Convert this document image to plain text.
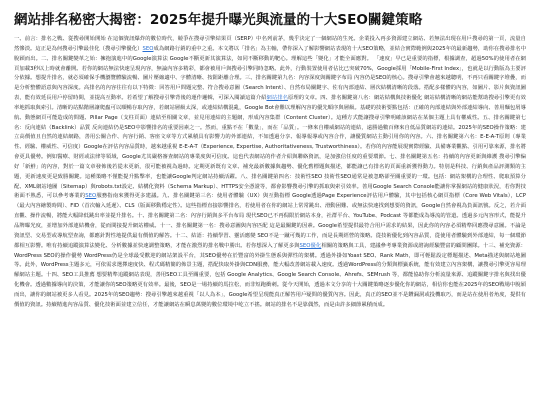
網站排名秘密大揭密：2025年提升曝光與流量的十大SEO關鍵策略

一、前言：排名之戰、從搜尋開始開始 在這個資訊爆炸的數位時代，競爭在搜尋引擎結果頁（SERP）中名列前茅，幾乎決定了一個網站的生死。企業投入再多資源建立網站、若無法出現在用戶搜尋的第一頁，流量自然慘淡。這正是為何搜尋引擎最佳化（搜尋引擎優化）SEO成為網路行銷的重中之重。本文將以「排名」為主軸，帶你深入了解影響網站表現的十大SEO策略，並結合實際範例與2025年的最新趨勢，助你在搜尋排名中脫穎而出。二、排名關鍵變革之始：擁抱演進中的Google演算法 Google不斷更新其演算法，如同不斷移動的靶心。理解這些「變化」才能全面應對。 「速度」早已是重要的指標，根據調查，超過50%的使用者在網頁加載3秒以上時就會離開。若你的網站無法快速呈現內容，無論內容多精彩，都會被用戶與搜尋引擎同時忽略。此外，行動裝置使用者佔比已突破70%，Google採用「Mobile-First Index」，也就是以行動版為主要評分依據。想提升排名，就必須確保手機瀏覽體驗流暢、圖片壓縮適中、字體清晰、按鈕距離合理。三、排名關鍵第九名：內容深度與關鍵字布局 內容仍是SEO的核心。搜尋引擎會越來越聰明，不再只看關鍵字堆疊，而是分析整體語意與內容深度。高排名的內容往往有以下特徵：回答用戶問題完整、符合搜尋意圖（Search Intent）、自然布局關鍵字、佐有內部連結、層次結構清晰的段落。搭配多樣體的內容，如圖片、影片與資訊圖表，能有效延長用戶停留時間，並提高互動率。若希望了解搜尋引擎背後的運作邏輯，可深入閱讀這篇介紹網站排名原理的文章。四、排名關鍵第八名：網站結構與技術優化 網站結構清晰的網站能幫助搜尋引擎更有效率地抓取與索引。清晰的站點階層讓爬蟲可以順暢存取內容，若網站層級太深，或連結結構混亂，Google Bot會難以理解內容的優先順序與層級。基礎的技術要點包括：正確的內部連結與外部連結導向、善用麵包屑導航、動態網頁可能造成的問題、Pillar Page（支柱頁面）連結至相關文章，並見用連結的主題網，形成內容集群（Content Cluster）。這種方式能讓搜尋引擎明確該網站在某個主題上具有權威性。五、排名關鍵第七名：反向連結（Backlink）品質 反向連結仍是SEO中影響排名的重要因素之一。然而，重點不在「數量」，而在「品質」。一條來自權威網站的連結，遠勝過數百條來自低品質網站的連結。2025年的SEO操作策略：建立高價值且自然的連結網路，善用公關合作、內容行銷、客座文章等方式累積具有影響力的外部連結，不如透過分享、報導報導或內容合作，讓優質網站主動引用你的內容。六、排名關鍵第六名：E-E-A-T原則（專業性、經驗、權威性、可信度）Google在評估內容品質時，越來越重視 E-E-A-T（Experience, Expertise, Authoritativeness, Trustworthiness）。若你的內容能展現實際經驗、具備專業觀點、引用可靠來源，排名將會更具優勢。例如醫療、財經或法律等領域，Google尤其嚴格審查網站的專業度與可信度。這也代表網站的作者介紹與聯絡資訊，是加強信任度的重要環節。七、排名關鍵第五名：持續的內容更新與維護 搜尋引擎偏好「新鮮」的內容，對於一篇文章發佈後若從未更新，很可能被視為過時。定期更新既有文章、補充最新數據與趨勢、優化舊標題與描述，都能讓已有排名的頁面重新獲得動力。特別是科技、行銷與產品評測類的主題，更新速度更是致勝關鍵。這種策略不僅能提升點擊率，也能讓Google判定網站持續活躍。八、排名關鍵第四名：技術性SEO 技術性SEO通常是被忽略卻至關重要的一環。包括：網站架構的合理性、爬取預算分配、XML網站地圖（Sitemap）與robots.txt設定、結構化資料（Schema Markup）、HTTPS安全憑證等，都會影響搜尋引擎的抓取與索引效率。善用Google Search Console能讓你掌握網站的健康狀況，若你對技術面不熟悉，可以參考專業的SEO服務指南來獲得更多建議。九、排名關鍵第三名：使用者體驗（UX）與互動指標 Google透過Page Experience評估用戶體驗，其中包括核心網頁指標（Core Web Vitals），LCP（最大內容繪製時間）、FID（首次輸入延遲）、CLS（版面移動穩定性）。這些指標直接影響排名，若使用者在你的網站上常常跳出、滑動困難、或無法快速找到想要的資訊，Google自然會視為負面訊號。反之，若介面直觀、操作流暢，將能大幅降低跳出率並提升排名。十、排名關鍵第二名：內容行銷與多平台布局 現代SEO已不再侷限於網站本身，社群平台、YouTube、Podcast 等都能成為導流的管道。透過多元內容形式，能提升品牌曝光度，並增加外部連結機會，從而間接提升網站權威。十一、排名關鍵第一名：搜尋意圖與內容匹配 這是最關鍵的因素。Google希望提供最符合用戶需求的結果，因此你的內容必須精準回應搜尋意圖。不論是資訊型、交易型或導航型查詢，都應針對性地提供最有價值的解答。十二、結語：持續學習、靈活應變 SEO不是一蹴可幾的工作，而是長期經營的策略。從技術優化到內容品質，從使用者體驗到外部連結，每一個環節都相互影響。唯有持續追蹤演算法變化、分析數據並快速調整策略，才能在激烈的排名戰中勝出。若你想深入了解更多與SEO優化相關的策略與工具，建議參考專業資源或諮詢經驗豐富的顧問團隊。十三、補充資源：WordPress SEO的操作優勢 WordPress仍是全球最受歡迎的網站架設平台，其SEO優勢在於豐富的外掛生態系與彈性的架構。透過外掛如Yoast SEO、Rank Math，即可輕鬆設定標題描述、Meta描述與網站地圖等。此外，WordPress主題多元，可依需求選擇速度快、程式碼精簡的佈景主題，搭配快取外掛與CDN服務，能大幅改善網站載入速度。透過WordPress的分類與標籤系統，能有效建立內容架構，讓搜尋引擎更容易理解網站主題。十四、SEO工具推薦 想要精準追蹤網站表現，善用SEO工具至關重要，包括 Google Analytics、Google Search Console、Ahrefs、SEMrush 等，都能協助你分析流量來源、追蹤關鍵字排名與找出優化機會。透過數據導向的決策，才能讓你的SEO策略更有效率。最後，SEO是一場持續的馬拉松，而非短跑衝刺。從今天開始，透過本文分享的十大關鍵策略逐步優化你的網站，相信你也能在2025年的SEO戰場中脫穎而出，讓你的網站被更多人看見。2025年的SEO趨勢：搜尋引擎越來越重視「以人為本」，Google希望呈現能真正解答用戶疑問的優質內容。因此，真正的SEO並不是鑽漏洞或投機取巧，而是站在使用者角度，提供有價值的資訊。持續精進內容品質、優化技術面並建立信任，才能讓網站在瞬息萬變的數位環境中屹立不搖。網站的排名不是靠偶然，而是由許多細節累積而成。
